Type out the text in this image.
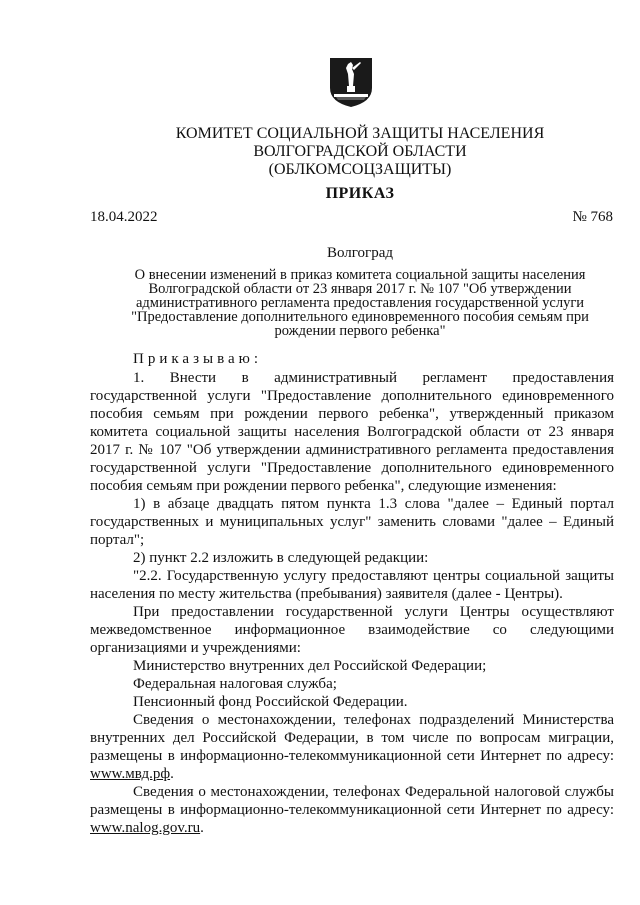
КОМИТЕТ СОЦИАЛЬНОЙ ЗАЩИТЫ НАСЕЛЕНИЯ
ВОЛГОГРАДСКОЙ ОБЛАСТИ
(ОБЛКОМСОЦЗАЩИТЫ)
ПРИКАЗ
18.04.2022	№ 768
Волгоград
О внесении изменений в приказ комитета социальной защиты населения
Волгоградской области от 23 января 2017 г. № 107 "Об утверждении
административного регламента предоставления государственной услуги
"Предоставление дополнительного единовременного пособия семьям при
рождении первого ребенка"
Приказываю:
1. Внести в административный регламент предоставления
государственной услуги "Предоставление дополнительного единовременного
пособия семьям при рождении первого ребенка", утвержденный приказом
комитета социальной защиты населения Волгоградской области от 23 января
2017 г. № 107 "Об утверждении административного регламента предоставления
государственной услуги "Предоставление дополнительного единовременного
пособия семьям при рождении первого ребенка", следующие изменения:
1) в абзаце двадцать пятом пункта 1.3 слова "далее – Единый портал
государственных и муниципальных услуг" заменить словами "далее – Единый
портал";
2) пункт 2.2 изложить в следующей редакции:
"2.2. Государственную услугу предоставляют центры социальной защиты
населения по месту жительства (пребывания) заявителя (далее - Центры).
При предоставлении государственной услуги Центры осуществляют
межведомственное информационное взаимодействие со следующими
организациями и учреждениями:
Министерство внутренних дел Российской Федерации;
Федеральная налоговая служба;
Пенсионный фонд Российской Федерации.
Сведения о местонахождении, телефонах подразделений Министерства
внутренних дел Российской Федерации, в том числе по вопросам миграции,
размещены в информационно-телекоммуникационной сети Интернет по адресу:
www.мвд.рф.
Сведения о местонахождении, телефонах Федеральной налоговой службы
размещены в информационно-телекоммуникационной сети Интернет по адресу:
www.nalog.gov.ru.
